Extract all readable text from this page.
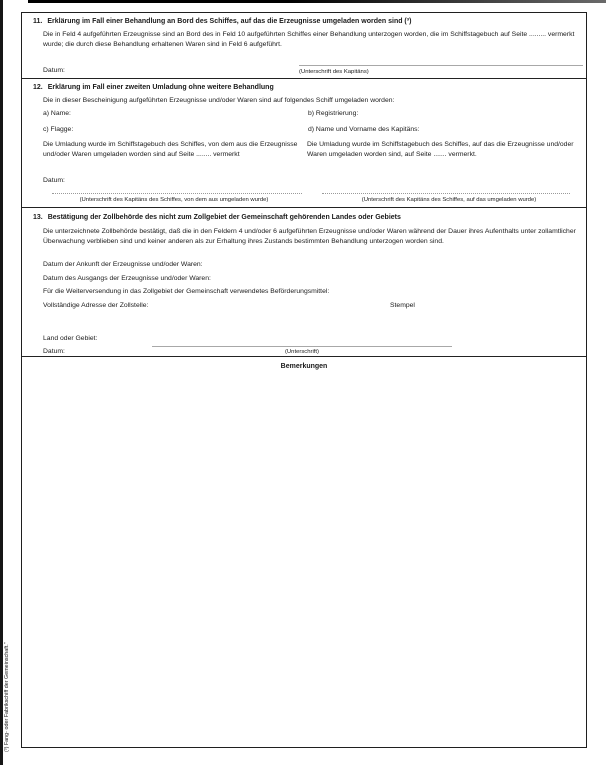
11. Erklärung im Fall einer Behandlung an Bord des Schiffes, auf das die Erzeugnisse umgeladen worden sind (³)
Die in Feld 4 aufgeführten Erzeugnisse sind an Bord des in Feld 10 aufgeführten Schiffes einer Behandlung unterzogen worden, die im Schiffstagebuch auf Seite ......... vermerkt wurde; die durch diese Behandlung erhaltenen Waren sind in Feld 6 aufgeführt.
Datum:	(Unterschrift des Kapitäns)
12. Erklärung im Fall einer zweiten Umladung ohne weitere Behandlung
Die in dieser Bescheinigung aufgeführten Erzeugnisse und/oder Waren sind auf folgendes Schiff umgeladen worden:
a) Name:	b) Registrierung:
c) Flagge:	d) Name und Vorname des Kapitäns:
Die Umladung wurde im Schiffstagebuch des Schiffes, von dem aus die Erzeugnisse und/oder Waren umgeladen worden sind auf Seite ........ vermerkt
Die Umladung wurde im Schiffstagebuch des Schiffes, auf das die Erzeugnisse und/oder Waren umgeladen worden sind, auf Seite ....... vermerkt.
Datum:
(Unterschrift des Kapitäns des Schiffes, von dem aus umgeladen wurde)	(Unterschrift des Kapitäns des Schiffes, auf das umgeladen wurde)
13. Bestätigung der Zollbehörde des nicht zum Zollgebiet der Gemeinschaft gehörenden Landes oder Gebiets
Die unterzeichnete Zollbehörde bestätigt, daß die in den Feldern 4 und/oder 6 aufgeführten Erzeugnisse und/oder Waren während der Dauer ihres Aufenthalts unter zollamtlicher Überwachung verblieben sind und keiner anderen als zur Erhaltung ihres Zustands bestimmten Behandlung unterzogen worden sind.
Datum der Ankunft der Erzeugnisse und/oder Waren:
Datum des Ausgangs der Erzeugnisse und/oder Waren:
Für die Weiterversendung in das Zollgebiet der Gemeinschaft verwendetes Beförderungsmittel:
Vollständige Adresse der Zollstelle:	Stempel
Land oder Gebiet:
Datum:	(Unterschrift)
Bemerkungen
(³) Fang- oder Fabrikschiff der Gemeinschaft."
